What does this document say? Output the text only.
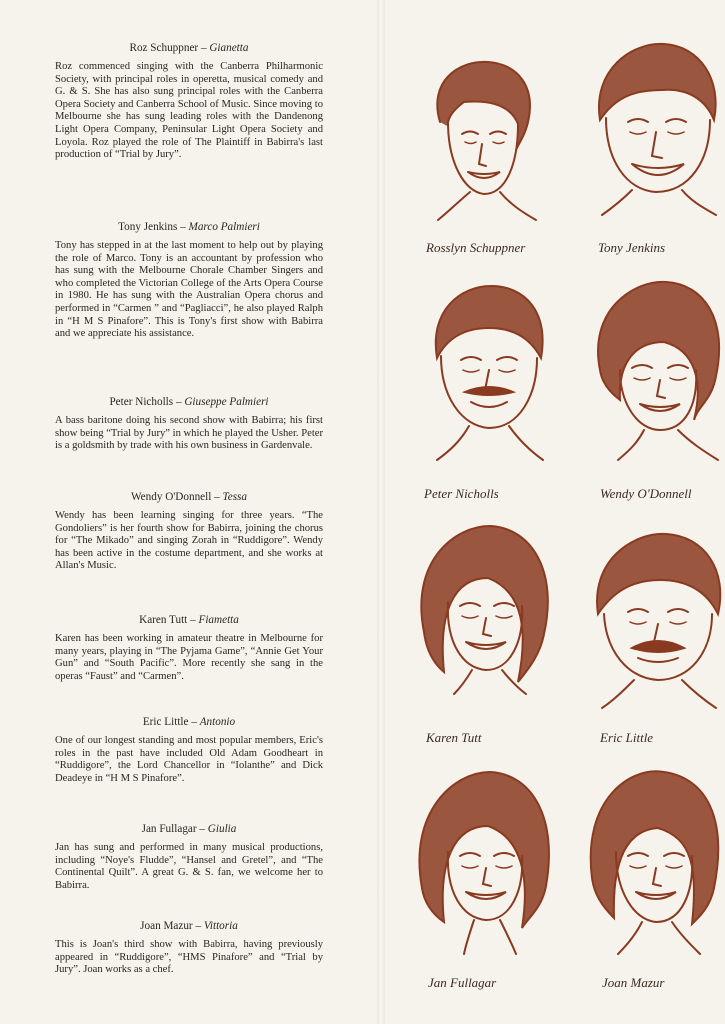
Roz Schuppner – Gianetta

Roz commenced singing with the Canberra Philharmonic Society, with principal roles in operetta, musical comedy and G. & S. She has also sung principal roles with the Canberra Opera Society and Canberra School of Music. Since moving to Melbourne she has sung leading roles with the Dandenong Light Opera Company, Peninsular Light Opera Society and Loyola. Roz played the role of The Plaintiff in Babirra's last production of “Trial by Jury”.

Tony Jenkins – Marco Palmieri

Tony has stepped in at the last moment to help out by playing the role of Marco. Tony is an accountant by profession who has sung with the Melbourne Chorale Chamber Singers and who completed the Victorian College of the Arts Opera Course in 1980. He has sung with the Australian Opera chorus and performed in “Carmen ” and “Pagliacci”, he also played Ralph in “H M S Pinafore”. This is Tony's first show with Babirra and we appreciate his assistance.

Peter Nicholls – Giuseppe Palmieri

A bass baritone doing his second show with Babirra; his first show being “Trial by Jury” in which he played the Usher. Peter is a goldsmith by trade with his own business in Gardenvale.

Wendy O'Donnell – Tessa

Wendy has been learning singing for three years. “The Gondoliers” is her fourth show for Babirra, joining the chorus for “The Mikado” and singing Zorah in “Ruddigore”. Wendy has been active in the costume department, and she works at Allan's Music.

Karen Tutt – Fiametta

Karen has been working in amateur theatre in Melbourne for many years, playing in “The Pyjama Game”, “Annie Get Your Gun” and “South Pacific”. More recently she sang in the operas “Faust” and “Carmen”.

Eric Little – Antonio

One of our longest standing and most popular members, Eric's roles in the past have included Old Adam Goodheart in “Ruddigore”, the Lord Chancellor in “Iolanthe” and Dick Deadeye in “H M S Pinafore”.

Jan Fullagar – Giulia

Jan has sung and performed in many musical productions, including “Noye's Fludde”, “Hansel and Gretel”, and “The Continental Quilt”. A great G. & S. fan, we welcome her to Babirra.

Joan Mazur – Vittoria

This is Joan's third show with Babirra, having previously appeared in “Ruddigore”, “HMS Pinafore” and “Trial by Jury”. Joan works as a chef.

Rosslyn Schuppner	Tony Jenkins
Peter Nicholls	Wendy O'Donnell
Karen Tutt	Eric Little
Jan Fullagar	Joan Mazur
